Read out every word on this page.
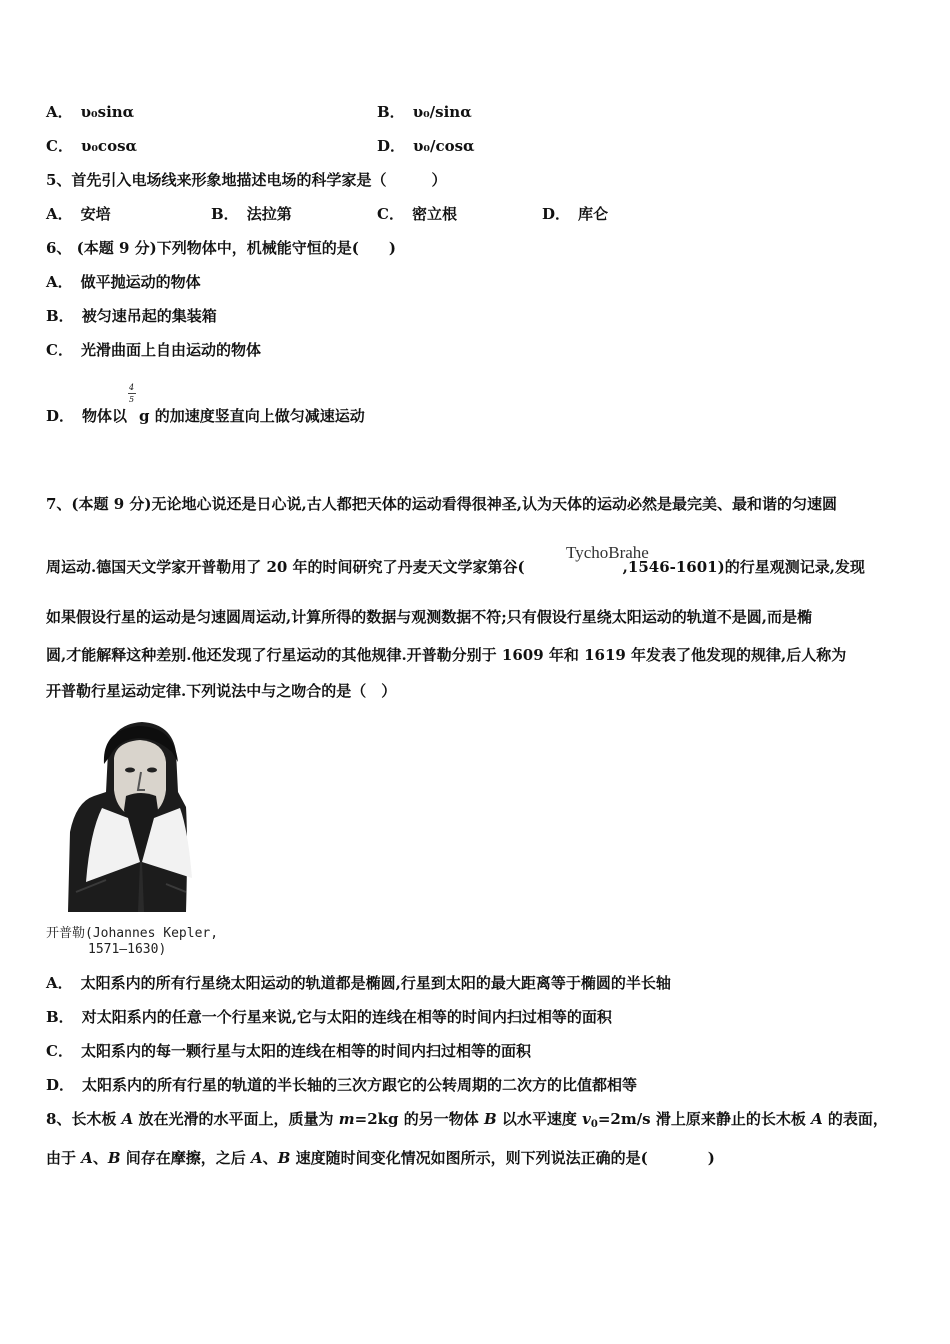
A． υ₀sinα	B． υ₀/sinα
C． υ₀cosα	D． υ₀/cosα
5、首先引入电场线来形象地描述电场的科学家是（　　　）
A． 安培	B． 法拉第	C． 密立根	D． 库仑
6、 (本题 9 分)下列物体中，机械能守恒的是(　　)
A． 做平抛运动的物体
B． 被匀速吊起的集装箱
C． 光滑曲面上自由运动的物体
D． 物体以 $\frac{4}{5}$ g 的加速度竖直向上做匀减速运动
7、(本题 9 分)无论地心说还是日心说,古人都把天体的运动看得很神圣,认为天体的运动必然是最完美、最和谐的匀速圆
周运动.德国天文学家开普勒用了 20 年的时间研究了丹麦天文学家第谷(	,1546-1601)的行星观测记录,发现
TychoBrahe
如果假设行星的运动是匀速圆周运动,计算所得的数据与观测数据不符;只有假设行星绕太阳运动的轨道不是圆,而是椭
圆,才能解释这种差别.他还发现了行星运动的其他规律.开普勒分别于 1609 年和 1619 年发表了他发现的规律,后人称为
开普勒行星运动定律.下列说法中与之吻合的是（　）
开普勒(Johannes Kepler,
1571—1630)
A． 太阳系内的所有行星绕太阳运动的轨道都是椭圆,行星到太阳的最大距离等于椭圆的半长轴
B． 对太阳系内的任意一个行星来说,它与太阳的连线在相等的时间内扫过相等的面积
C． 太阳系内的每一颗行星与太阳的连线在相等的时间内扫过相等的面积
D． 太阳系内的所有行星的轨道的半长轴的三次方跟它的公转周期的二次方的比值都相等
8、长木板 A 放在光滑的水平面上，质量为 m=2kg 的另一物体 B 以水平速度 $v_0=2m/s$ 滑上原来静止的长木板 A 的表面，
由于 A、B 间存在摩擦，之后 A、B 速度随时间变化情况如图所示，则下列说法正确的是(　　　　)
